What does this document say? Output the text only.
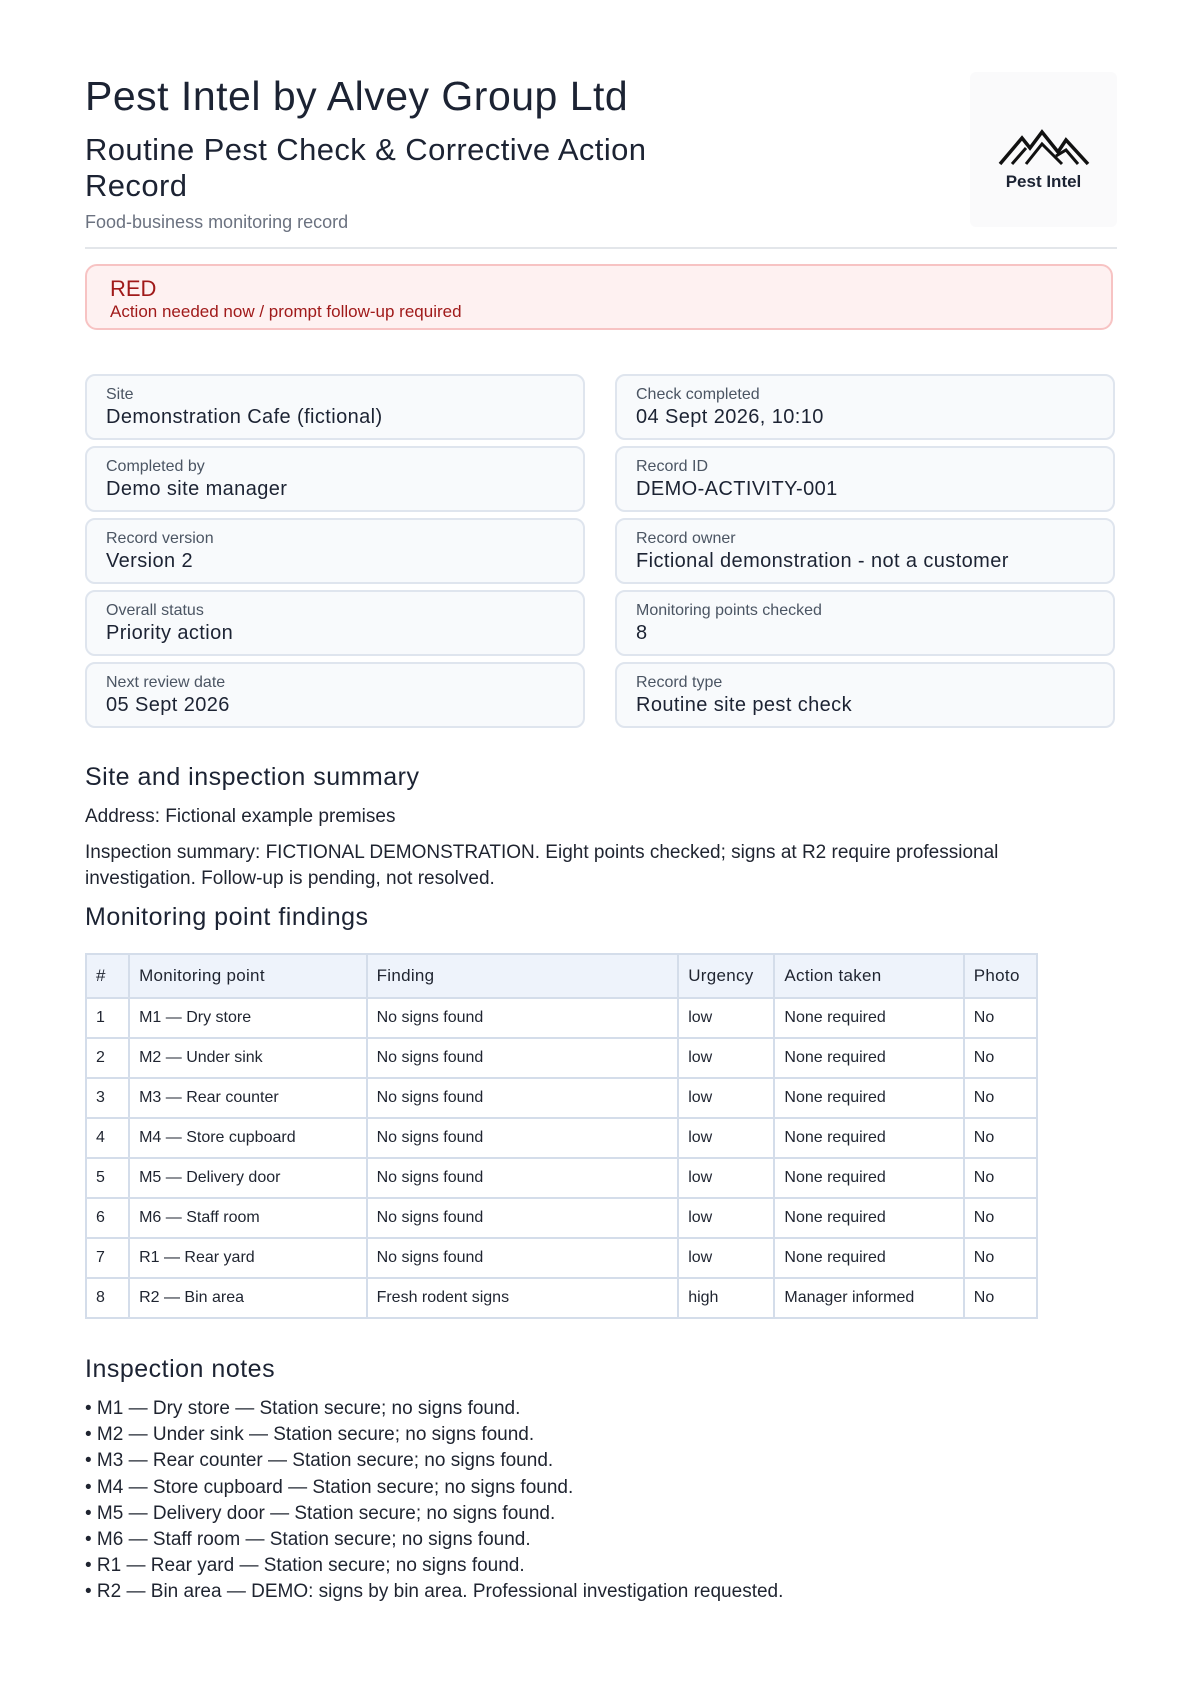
Pest Intel by Alvey Group Ltd
Routine Pest Check & Corrective Action Record
Food-business monitoring record
Pest Intel
RED
Action needed now / prompt follow-up required
Site
Demonstration Cafe (fictional)
Check completed
04 Sept 2026, 10:10
Completed by
Demo site manager
Record ID
DEMO-ACTIVITY-001
Record version
Version 2
Record owner
Fictional demonstration - not a customer
Overall status
Priority action
Monitoring points checked
8
Next review date
05 Sept 2026
Record type
Routine site pest check
Site and inspection summary

Address: Fictional example premises

Inspection summary: FICTIONAL DEMONSTRATION. Eight points checked; signs at R2 require professional investigation. Follow-up is pending, not resolved.

Monitoring point findings
#	Monitoring point	Finding	Urgency	Action taken	Photo
1	M1 — Dry store	No signs found	low	None required	No
2	M2 — Under sink	No signs found	low	None required	No
3	M3 — Rear counter	No signs found	low	None required	No
4	M4 — Store cupboard	No signs found	low	None required	No
5	M5 — Delivery door	No signs found	low	None required	No
6	M6 — Staff room	No signs found	low	None required	No
7	R1 — Rear yard	No signs found	low	None required	No
8	R2 — Bin area	Fresh rodent signs	high	Manager informed	No
Inspection notes
• M1 — Dry store — Station secure; no signs found.
• M2 — Under sink — Station secure; no signs found.
• M3 — Rear counter — Station secure; no signs found.
• M4 — Store cupboard — Station secure; no signs found.
• M5 — Delivery door — Station secure; no signs found.
• M6 — Staff room — Station secure; no signs found.
• R1 — Rear yard — Station secure; no signs found.
• R2 — Bin area — DEMO: signs by bin area. Professional investigation requested.
